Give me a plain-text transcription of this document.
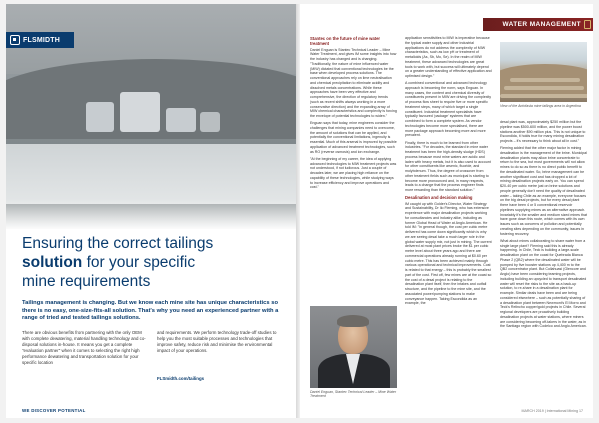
FLSMIDTH
Ensuring the correct tailings
solution for your specific
mine requirements

Tailings management is changing. But we know each mine site has unique characteristics so there is no easy, one-size-fits-all solution. That's why you need an experienced partner with a range of tried and tested tailings solutions.

There are obvious benefits from partnering with the only OEM with complete dewatering, material handling technology and co-disposal solutions in-house. It means you get a complete "evaluation partner" when it comes to selecting the right high performance dewatering and transportation solution for your specific location

and requirements. We perform technology trade-off studies to help you the most suitable processes and technologies that improve safety, reduce risk and minimise the environmental impact of your operations.

FLSmidth.com/tailings
WE DISCOVER POTENTIAL
WATER MANAGEMENT
Stantec on the future of mine water treatment

Daniel Enguan is Stantec Technical Leader – Mine Water Treatment, and gives IM some insights into how the industry has changed and is changing. "Traditionally, the nature of mine influenced water (MIW) dictated that conventional technologies be the base when developed process solutions. The conventional approaches rely on lime neutralisation and chemical precipitation to eliminate acidity and dissolved metals concentrations. While these approaches have been very effective and comprehensive, the direction of regulatory trends (such as recent shifts always working in a more conservative direction) and the expanding array of MIW chemical characteristics and complexity is forcing the envelope of potential technologies to widen."

Enguan says that today, mine engineers consider the challenges that mining companies need to overcome, the amount of solutions that can be applied, and potentially the conventional limitations, ingenuity is essential. Much of this arsenal is improved by possible application of advanced treatment technologies, such as RO (reverse osmosis) and ion exchange.

"At the beginning of my career, the idea of applying advanced technologies to MIW treatment projects was not understood, if not ludicrous. Just a couple of decades later, we are placing high reliance on the capability of these technologies, while studying ways to increase efficiency and improve operations and cost."

Daniel Enguan, Stantec Technical Leader – Mine Water Treatment

application sensitivities to MIW is imperative because the typical water supply and other industrial applications do not address the complexity of MIW characteristics, such as low pH or treatment of metalloids (As, Sb, Mo, Se). In the realm of MIW treatment, these advanced technologies are great tools to work with, but success will ultimately depend on a greater understanding of effective application and optimised design."

A combined conventional and advanced technology approach is becoming the norm, says Enguan. In many cases, the content and chemical diversity of constituents present in MIW are driving the complexity of process flow sheet to require five or more specific treatment steps, many of which target a single constituent. Industrial treatment specialists have typically favoured 'package' systems that are combined to form a complete system. As vendor technologies become more specialised, there are more package approach becoming more and more prevalent.

Finally, there is much to be learned from other industries. "For decades, the standard in mine water treatment has been the high-density sludge (HDS) process because most mine waters are acidic and laden with heavy metals, but it is also used to account for other constituents like arsenic, fluoride, and molybdenum. Thus, the degree of crossover from other treatment fields such as municipal is starting to become more pronounced and, in many respects, leads to a change that the process engineer finds more rewarding than the standard solution."

Desalination and decision making

IM caught up with Golder's Director, Water Strategy and Sustainability, Dr Ilo Fleming, who has extensive experience with major desalination projects working for consultancies and industry alike, including as former Global Head of Water at Anglo American. He told IM: "In general though, the cost per cubic metre delivered has come down significantly which is why we are seeing desal take a much larger role in the global water supply mix, not just in mining. The current delivered at most plant prices broke the $1 per cubic metre level about three years ago and there are commercial operations already running at $0.60 per cubic metre. This has been achieved mainly through various operational and technical improvements. Cost is related to that energy – this is probably the smallest part of the cost. First off, few mines are at the coast so the cost of a desal project is relating to the desalination plant itself, then the intakes and outfall structure, and the pipeline to the mine site, and the associated power/pumping stations to make conveyance happen. Taking Escondida as an example, the

View of the Antofasta mine tailings area in Argentina

desal plant was, approximately $250 million but the pipeline was $500-600 million, and the power boost stations another $90 million plus. This is not unique to Escondida, it holds true for many mining desalination projects – it's necessary to think about all in cost."

Fleming added that the other major factor in mining desalination is the management of the brine. Municipal desalination plants may allow brine concentrate to return to the sea, but most governments will not allow mines to do so as there is no direct public benefit to the desalinated water. So, brine management can be another significant cost and has dropped a lot of mining desalination projects early on. You can spend $20-40 per cubic metre just on brine solutions and people generally don't need the quality of desalinated water – taking Chile as an example, everyone focuses on the big desal projects, but for every desal plant there have been 4 or 5 conventional reservoir pipelines supplying mines as an alternative approach. Invariably it's the smaller and medium sized mines that have gone down this route, which comes with its own issues such as concerns of pollution and potentially creating sites depending on the community, issues in fostering recovery.

What about mines collaborating to share water from a single large plant? Fleming said this is already happening. In Chile, Teck is building a large-scale desalination plant on the coast for Quebrada Blanca Phase 2 (QB2) where the desalinated water will be pumped by five booster stations up 4,400 m to the QB2 concentrator plant. But Collahuasi (Glencore and Anglo) have been considering teaming projects, including building an upcycled to transport desalinated water will reset the risks to the site as a back-up solution, to re-share in a desalination plant for example. Similar deals have been and are being considered elsewhere – such as potentially sharing of a desalination plant between Newmont's El Morro and Teck's Relincho copper/gold projects in Chile. Several regional developers are proactively building desalination projects at water stations, where miners are considering becoming off-takers in the water, as in the Santiago region with Codelco and Anglo American.

MARCH 2019 | International Mining 17
